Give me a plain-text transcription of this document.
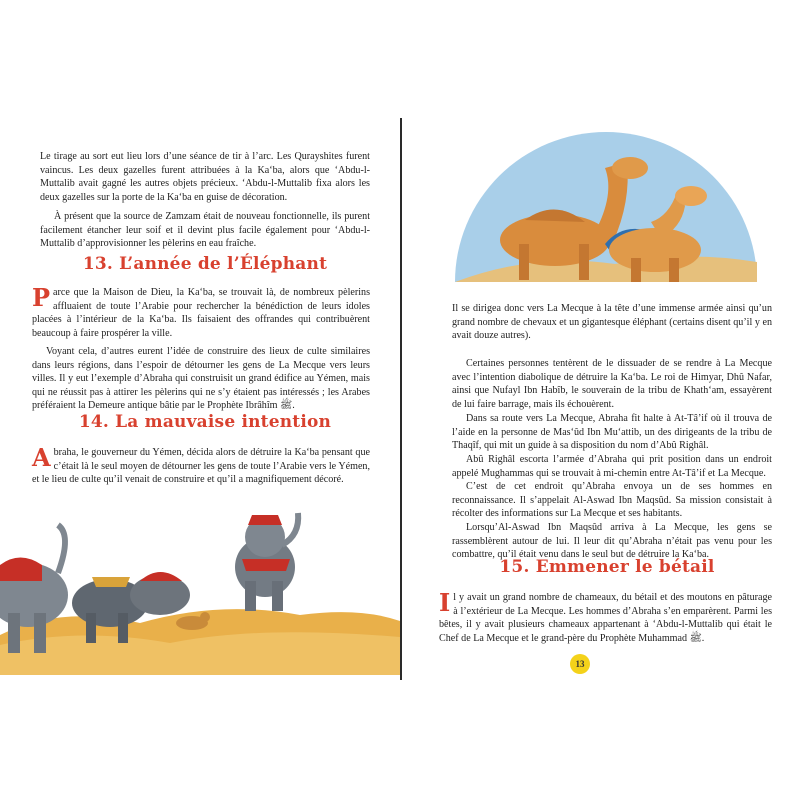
Le tirage au sort eut lieu lors d’une séance de tir à l’arc. Les Qurayshites furent vaincus. Les deux gazelles furent attribuées à la Ka‘ba, alors que ‘Abdu-l-Muttalib avait gagné les autres objets précieux. ‘Abdu-l-Muttalib fixa alors les deux gazelles sur la porte de la Ka‘ba en guise de décoration.

À présent que la source de Zamzam était de nouveau fonctionnelle, ils purent facilement étancher leur soif et il devint plus facile également pour ‘Abdu-l-Muttalib d’approvisionner les pèlerins en eau fraîche.

13. L’année de l’Éléphant
Parce que la Maison de Dieu, la Ka‘ba, se trouvait là, de nombreux pèlerins affluaient de toute l’Arabie pour rechercher la bénédiction de leurs idoles placées à l’intérieur de la Ka‘ba. Ils faisaient des offrandes qui contribuèrent beaucoup à faire prospérer la ville.

Voyant cela, d’autres eurent l’idée de construire des lieux de culte similaires dans leurs régions, dans l’espoir de détourner les gens de La Mecque vers leurs villes. Il y eut l’exemple d’Abraha qui construisit un grand édifice au Yémen, mais qui ne réussit pas à attirer les pèlerins qui ne s’y étaient pas intéressés ; les Arabes préféraient la Demeure antique bâtie par le Prophète Ibrâhîm ﷺ.

14. La mauvaise intention
Abraha, le gouverneur du Yémen, décida alors de détruire la Ka‘ba pensant que c’était là le seul moyen de détourner les gens de toute l’Arabie vers le Yémen, et le lieu de culte qu’il venait de construire et qu’il a magnifiquement décoré.

Il se dirigea donc vers La Mecque à la tête d’une immense armée ainsi qu’un grand nombre de chevaux et un gigantesque éléphant (certains disent qu’il y en avait douze autres).

Certaines personnes tentèrent de le dissuader de se rendre à La Mecque avec l’intention diabolique de détruire la Ka‘ba. Le roi de Himyar, Dhû Nafar, ainsi que Nufayl Ibn Habîb, le souverain de la tribu de Khath‘am, essayèrent de lui faire barrage, mais ils échouèrent.

Dans sa route vers La Mecque, Abraha fit halte à At-Tâ’if où il trouva de l’aide en la personne de Mas‘ûd Ibn Mu‘attib, un des dirigeants de la tribu de Thaqîf, qui mit un guide à sa disposition du nom d’Abû Righâl.

Abû Righâl escorta l’armée d’Abraha qui prit position dans un endroit appelé Mughammas qui se trouvait à mi-chemin entre At-Tâ’if et La Mecque.

C’est de cet endroit qu’Abraha envoya un de ses hommes en reconnaissance. Il s’appelait Al-Aswad Ibn Maqsûd. Sa mission consistait à récolter des informations sur La Mecque et ses habitants.

Lorsqu’Al-Aswad Ibn Maqsûd arriva à La Mecque, les gens se rassemblèrent autour de lui. Il leur dit qu’Abraha n’était pas venu pour les combattre, qu’il était venu dans le seul but de détruire la Ka‘ba.

15. Emmener le bétail
Il y avait un grand nombre de chameaux, du bétail et des moutons en pâturage à l’extérieur de La Mecque. Les hommes d’Abraha s’en emparèrent. Parmi les bêtes, il y avait plusieurs chameaux appartenant à ‘Abdu-l-Muttalib qui était le Chef de La Mecque et le grand-père du Prophète Muhammad ﷺ.
13
